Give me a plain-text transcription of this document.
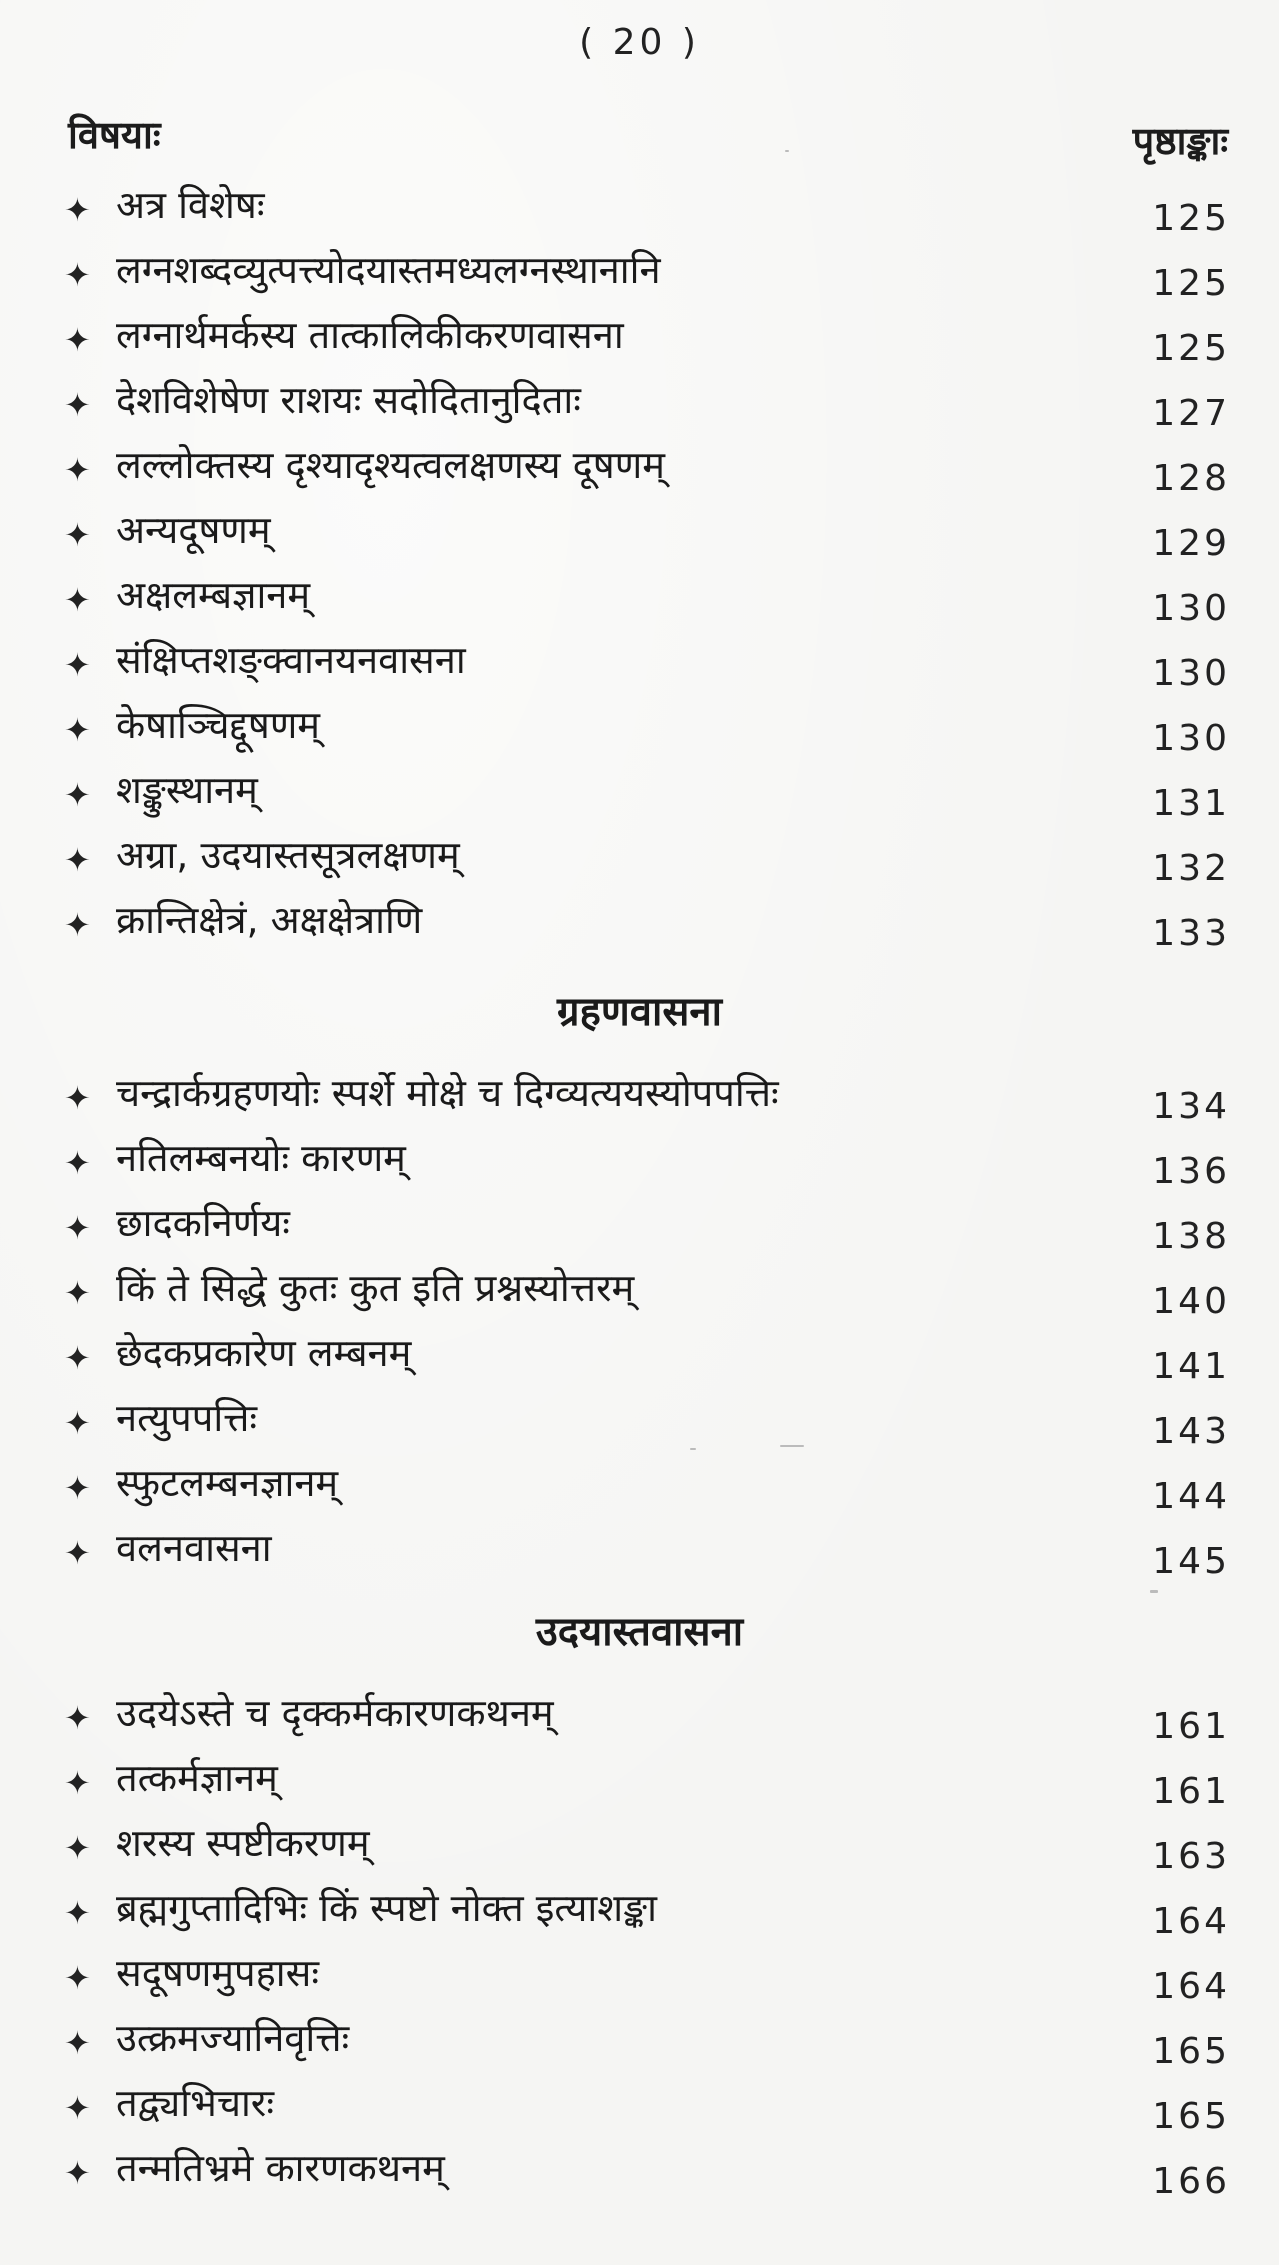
( 20 )
विषयाः	पृष्ठाङ्काः
✦ अत्र विशेषः	125
✦ लग्नशब्दव्युत्पत्त्योदयास्तमध्यलग्नस्थानानि	125
✦ लग्नार्थमर्कस्य तात्कालिकीकरणवासना	125
✦ देशविशेषेण राशयः सदोदितानुदिताः	127
✦ लल्लोक्तस्य दृश्यादृश्यत्वलक्षणस्य दूषणम्	128
✦ अन्यदूषणम्	129
✦ अक्षलम्बज्ञानम्	130
✦ संक्षिप्तशङ्क्वानयनवासना	130
✦ केषाञ्चिद्दूषणम्	130
✦ शङ्कुस्थानम्	131
✦ अग्रा, उदयास्तसूत्रलक्षणम्	132
✦ क्रान्तिक्षेत्रं, अक्षक्षेत्राणि	133
ग्रहणवासना
✦ चन्द्रार्कग्रहणयोः स्पर्शे मोक्षे च दिग्व्यत्ययस्योपपत्तिः	134
✦ नतिलम्बनयोः कारणम्	136
✦ छादकनिर्णयः	138
✦ किं ते सिद्धे कुतः कुत इति प्रश्नस्योत्तरम्	140
✦ छेदकप्रकारेण लम्बनम्	141
✦ नत्युपपत्तिः	143
✦ स्फुटलम्बनज्ञानम्	144
✦ वलनवासना	145
उदयास्तवासना
✦ उदयेऽस्ते च दृक्कर्मकारणकथनम्	161
✦ तत्कर्मज्ञानम्	161
✦ शरस्य स्पष्टीकरणम्	163
✦ ब्रह्मगुप्तादिभिः किं स्पष्टो नोक्त इत्याशङ्का	164
✦ सदूषणमुपहासः	164
✦ उत्क्रमज्यानिवृत्तिः	165
✦ तद्व्यभिचारः	165
✦ तन्मतिभ्रमे कारणकथनम्	166
